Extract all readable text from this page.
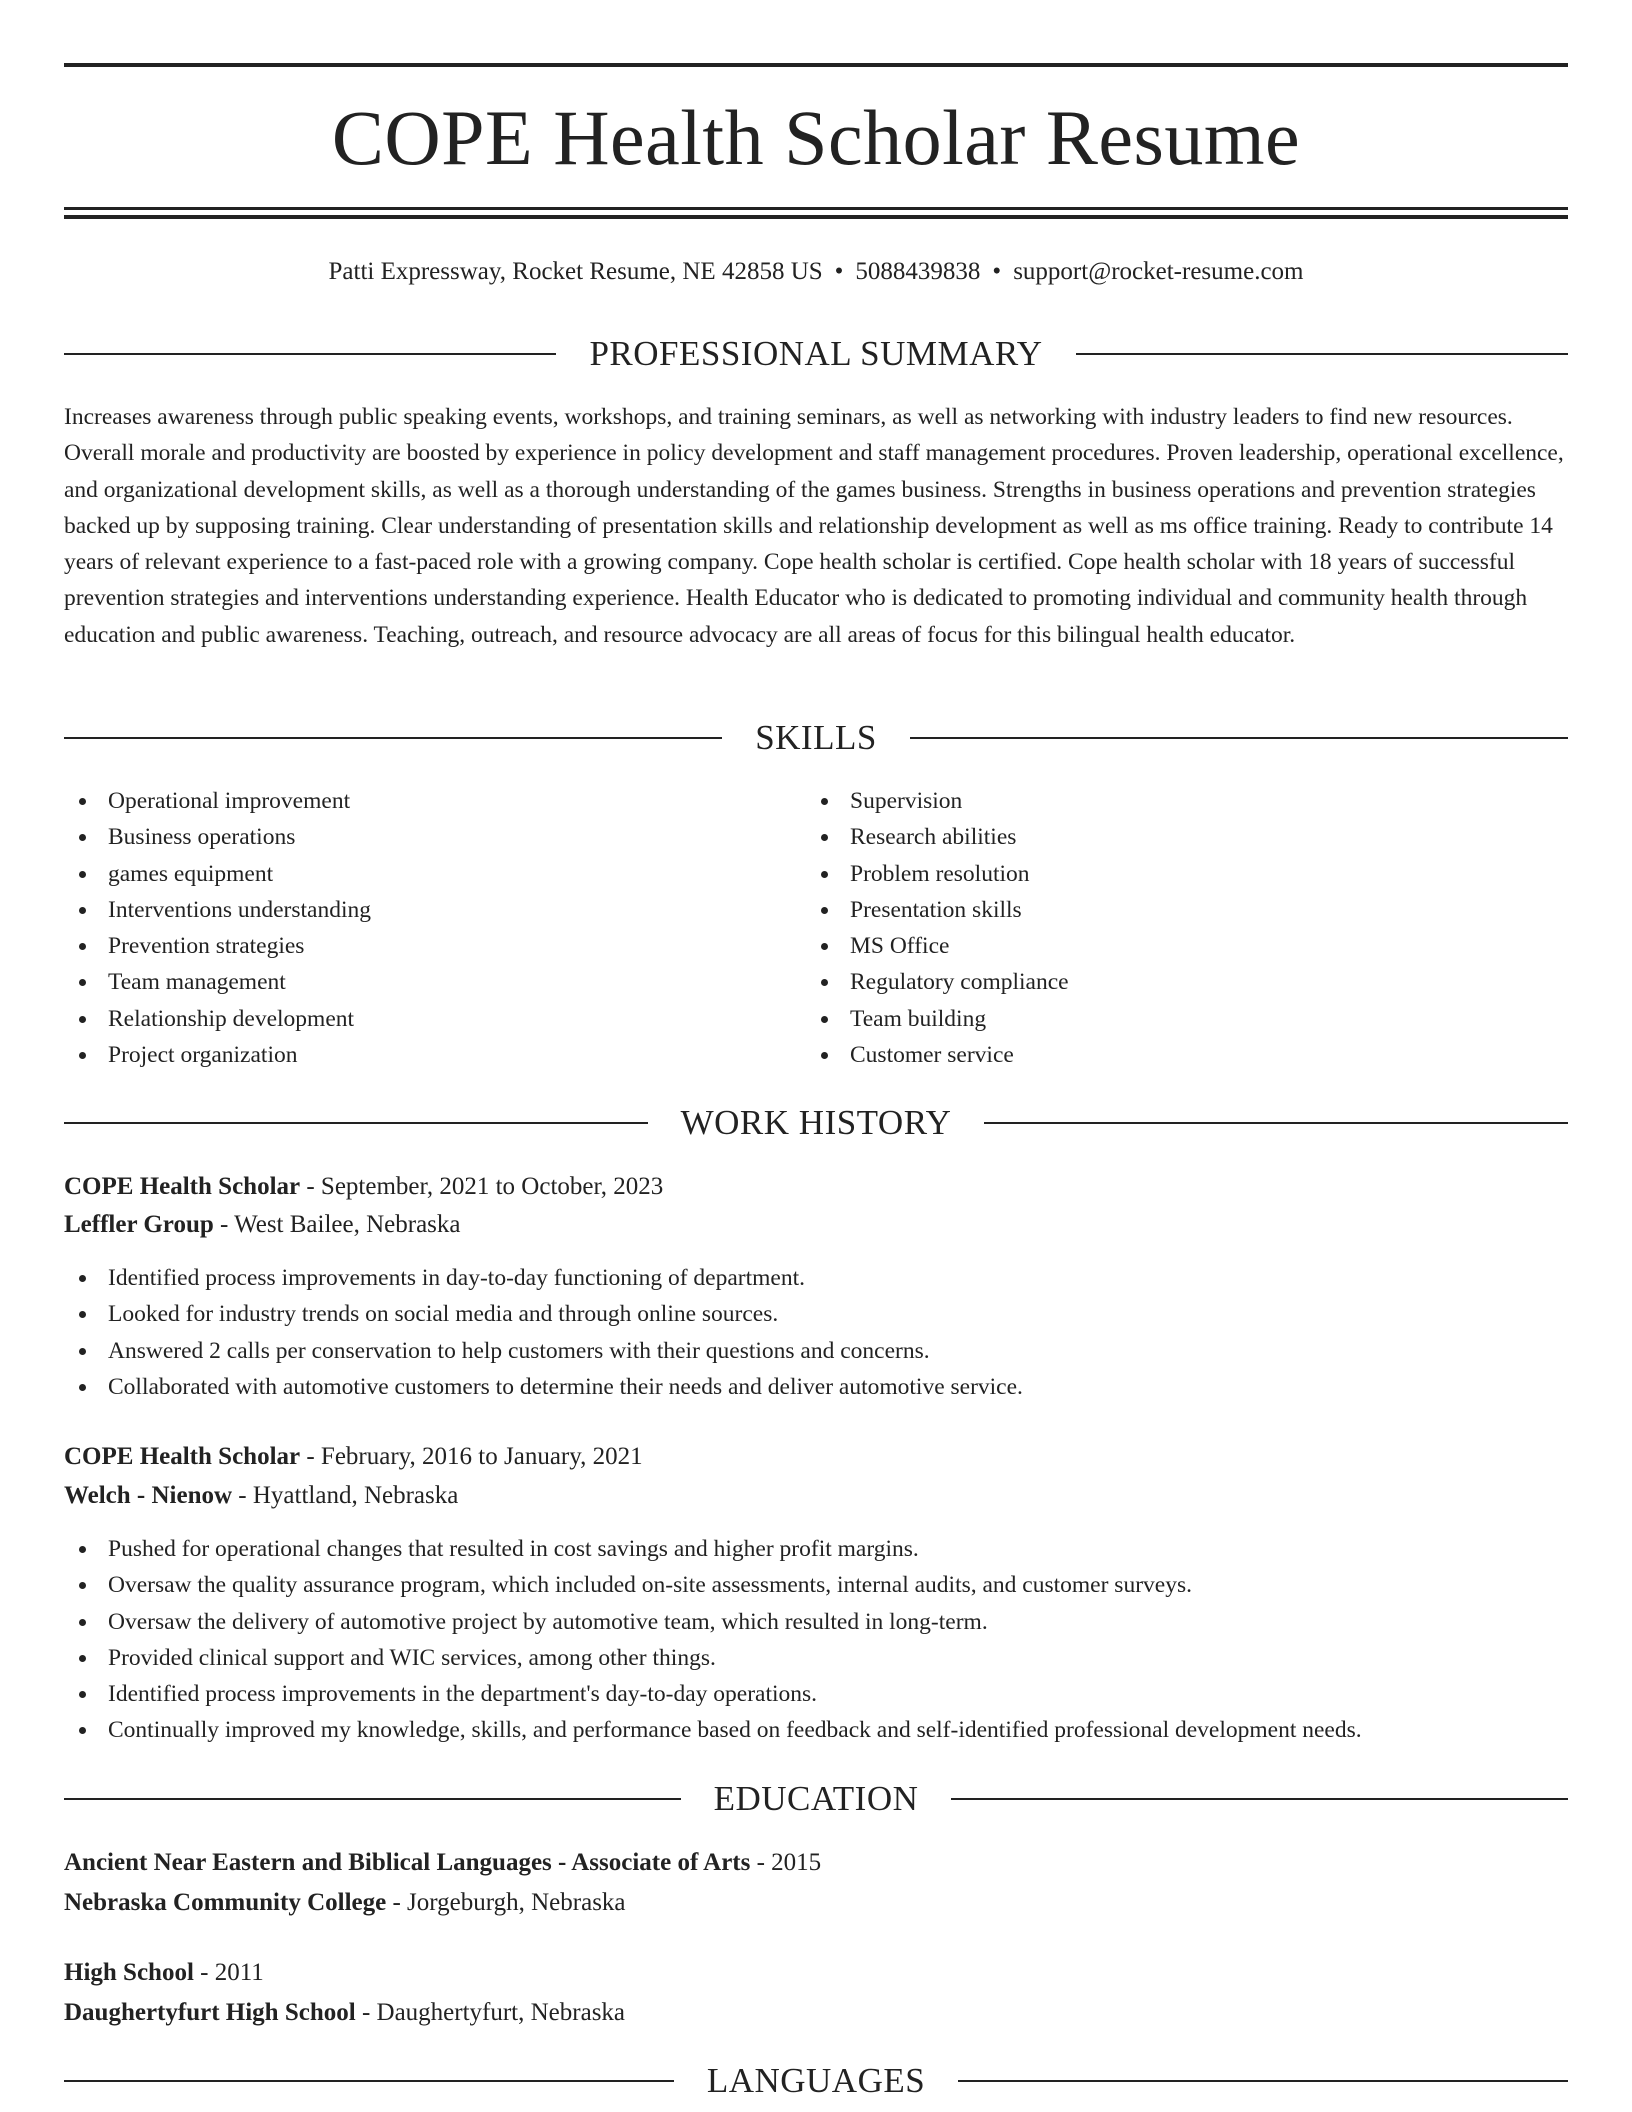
COPE Health Scholar Resume
Patti Expressway, Rocket Resume, NE 42858 US • 5088439838 • support@rocket-resume.com
PROFESSIONAL SUMMARY

Increases awareness through public speaking events, workshops, and training seminars, as well as networking with industry leaders to find new resources. Overall morale and productivity are boosted by experience in policy development and staff management procedures. Proven leadership, operational excellence, and organizational development skills, as well as a thorough understanding of the games business. Strengths in business operations and prevention strategies backed up by supposing training. Clear understanding of presentation skills and relationship development as well as ms office training. Ready to contribute 14 years of relevant experience to a fast-paced role with a growing company. Cope health scholar is certified. Cope health scholar with 18 years of successful prevention strategies and interventions understanding experience. Health Educator who is dedicated to promoting individual and community health through education and public awareness. Teaching, outreach, and resource advocacy are all areas of focus for this bilingual health educator.

SKILLS
Operational improvement
Business operations
games equipment
Interventions understanding
Prevention strategies
Team management
Relationship development
Project organization
Supervision
Research abilities
Problem resolution
Presentation skills
MS Office
Regulatory compliance
Team building
Customer service
WORK HISTORY
COPE Health Scholar - September, 2021 to October, 2023
Leffler Group - West Bailee, Nebraska
Identified process improvements in day-to-day functioning of department.
Looked for industry trends on social media and through online sources.
Answered 2 calls per conservation to help customers with their questions and concerns.
Collaborated with automotive customers to determine their needs and deliver automotive service.
COPE Health Scholar - February, 2016 to January, 2021
Welch - Nienow - Hyattland, Nebraska
Pushed for operational changes that resulted in cost savings and higher profit margins.
Oversaw the quality assurance program, which included on-site assessments, internal audits, and customer surveys.
Oversaw the delivery of automotive project by automotive team, which resulted in long-term.
Provided clinical support and WIC services, among other things.
Identified process improvements in the department's day-to-day operations.
Continually improved my knowledge, skills, and performance based on feedback and self-identified professional development needs.
EDUCATION
Ancient Near Eastern and Biblical Languages - Associate of Arts - 2015
Nebraska Community College - Jorgeburgh, Nebraska
High School - 2011
Daughertyfurt High School - Daughertyfurt, Nebraska
LANGUAGES
